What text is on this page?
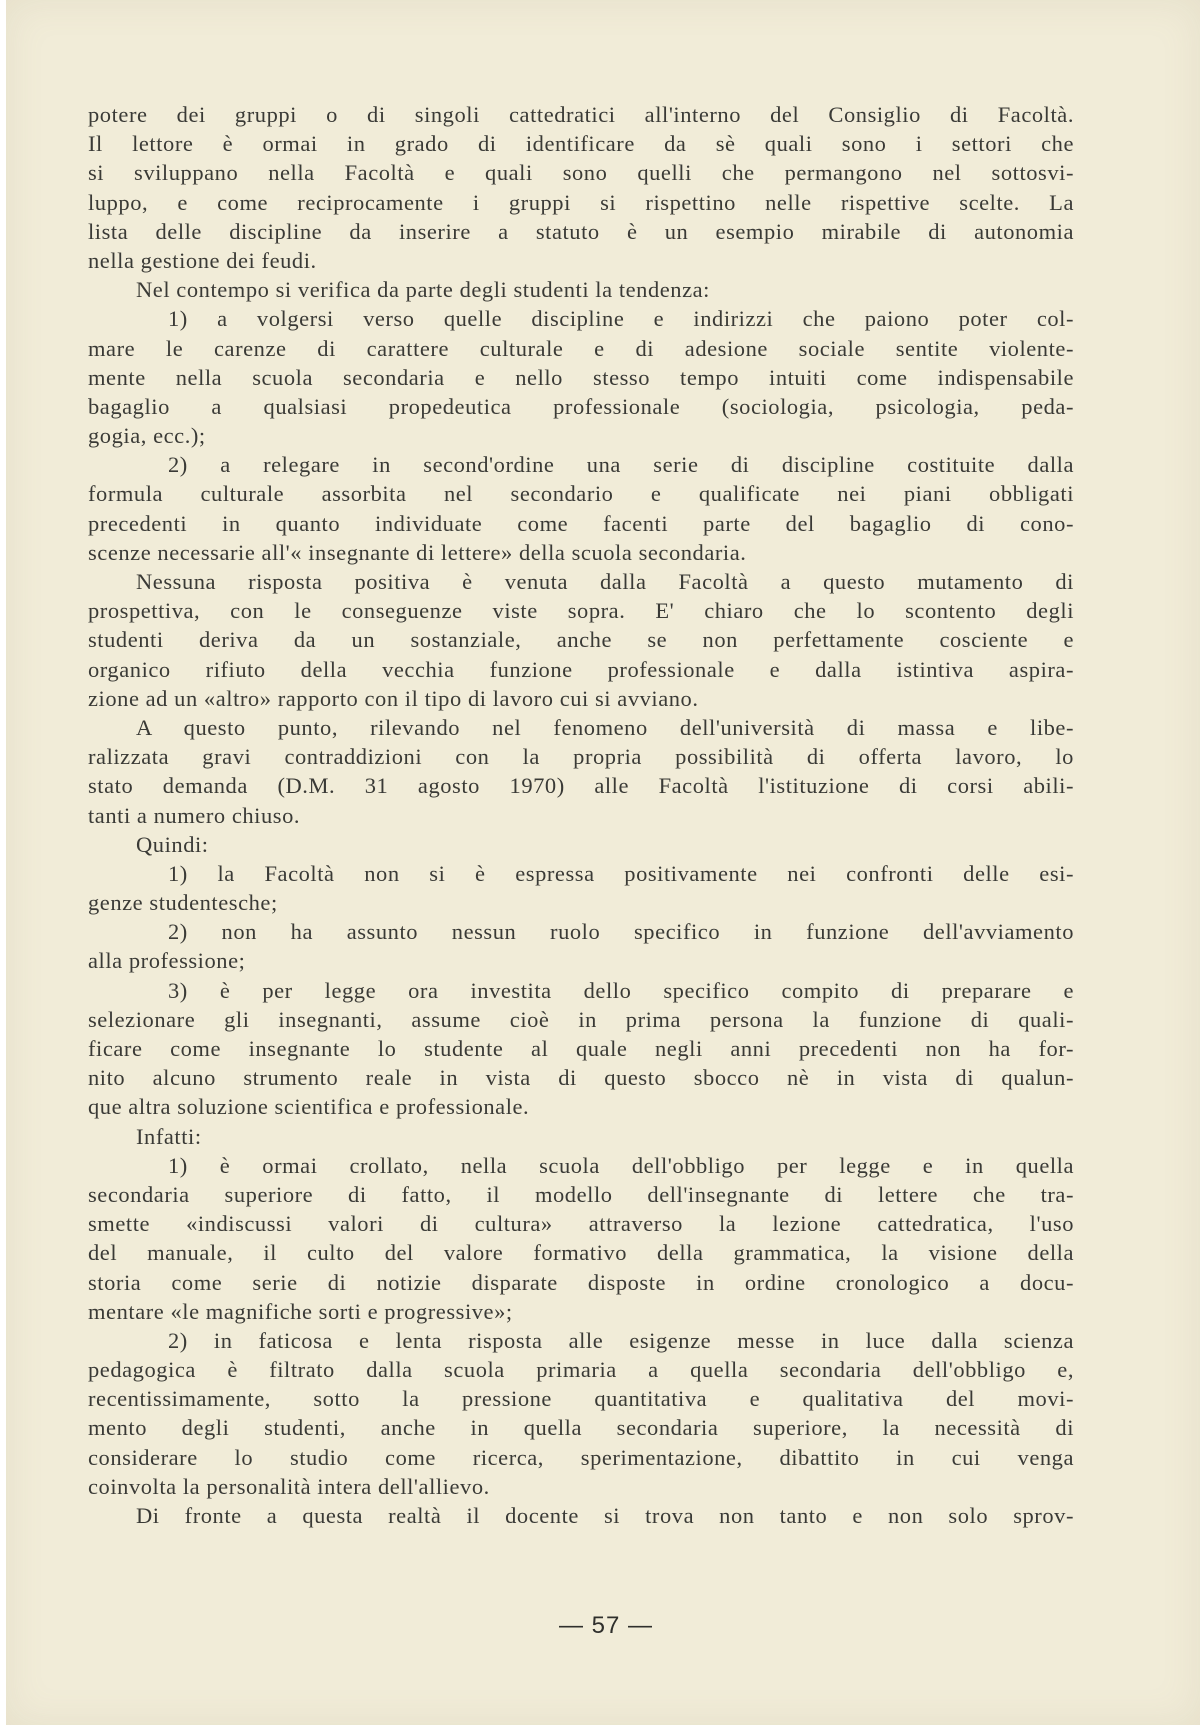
potere dei gruppi o di singoli cattedratici all'interno del Consiglio di Facoltà.
Il lettore è ormai in grado di identificare da sè quali sono i settori che
si sviluppano nella Facoltà e quali sono quelli che permangono nel sottosvi-
luppo, e come reciprocamente i gruppi si rispettino nelle rispettive scelte. La
lista delle discipline da inserire a statuto è un esempio mirabile di autonomia
nella gestione dei feudi.
Nel contempo si verifica da parte degli studenti la tendenza:
1) a volgersi verso quelle discipline e indirizzi che paiono poter col-
mare le carenze di carattere culturale e di adesione sociale sentite violente-
mente nella scuola secondaria e nello stesso tempo intuiti come indispensabile
bagaglio a qualsiasi propedeutica professionale (sociologia, psicologia, peda-
gogia, ecc.);
2) a relegare in second'ordine una serie di discipline costituite dalla
formula culturale assorbita nel secondario e qualificate nei piani obbligati
precedenti in quanto individuate come facenti parte del bagaglio di cono-
scenze necessarie all'« insegnante di lettere» della scuola secondaria.
Nessuna risposta positiva è venuta dalla Facoltà a questo mutamento di
prospettiva, con le conseguenze viste sopra. E' chiaro che lo scontento degli
studenti deriva da un sostanziale, anche se non perfettamente cosciente e
organico rifiuto della vecchia funzione professionale e dalla istintiva aspira-
zione ad un «altro» rapporto con il tipo di lavoro cui si avviano.
A questo punto, rilevando nel fenomeno dell'università di massa e libe-
ralizzata gravi contraddizioni con la propria possibilità di offerta lavoro, lo
stato demanda (D.M. 31 agosto 1970) alle Facoltà l'istituzione di corsi abili-
tanti a numero chiuso.
Quindi:
1) la Facoltà non si è espressa positivamente nei confronti delle esi-
genze studentesche;
2) non ha assunto nessun ruolo specifico in funzione dell'avviamento
alla professione;
3) è per legge ora investita dello specifico compito di preparare e
selezionare gli insegnanti, assume cioè in prima persona la funzione di quali-
ficare come insegnante lo studente al quale negli anni precedenti non ha for-
nito alcuno strumento reale in vista di questo sbocco nè in vista di qualun-
que altra soluzione scientifica e professionale.
Infatti:
1) è ormai crollato, nella scuola dell'obbligo per legge e in quella
secondaria superiore di fatto, il modello dell'insegnante di lettere che tra-
smette «indiscussi valori di cultura» attraverso la lezione cattedratica, l'uso
del manuale, il culto del valore formativo della grammatica, la visione della
storia come serie di notizie disparate disposte in ordine cronologico a docu-
mentare «le magnifiche sorti e progressive»;
2) in faticosa e lenta risposta alle esigenze messe in luce dalla scienza
pedagogica è filtrato dalla scuola primaria a quella secondaria dell'obbligo e,
recentissimamente, sotto la pressione quantitativa e qualitativa del movi-
mento degli studenti, anche in quella secondaria superiore, la necessità di
considerare lo studio come ricerca, sperimentazione, dibattito in cui venga
coinvolta la personalità intera dell'allievo.
Di fronte a questa realtà il docente si trova non tanto e non solo sprov-
— 57 —
